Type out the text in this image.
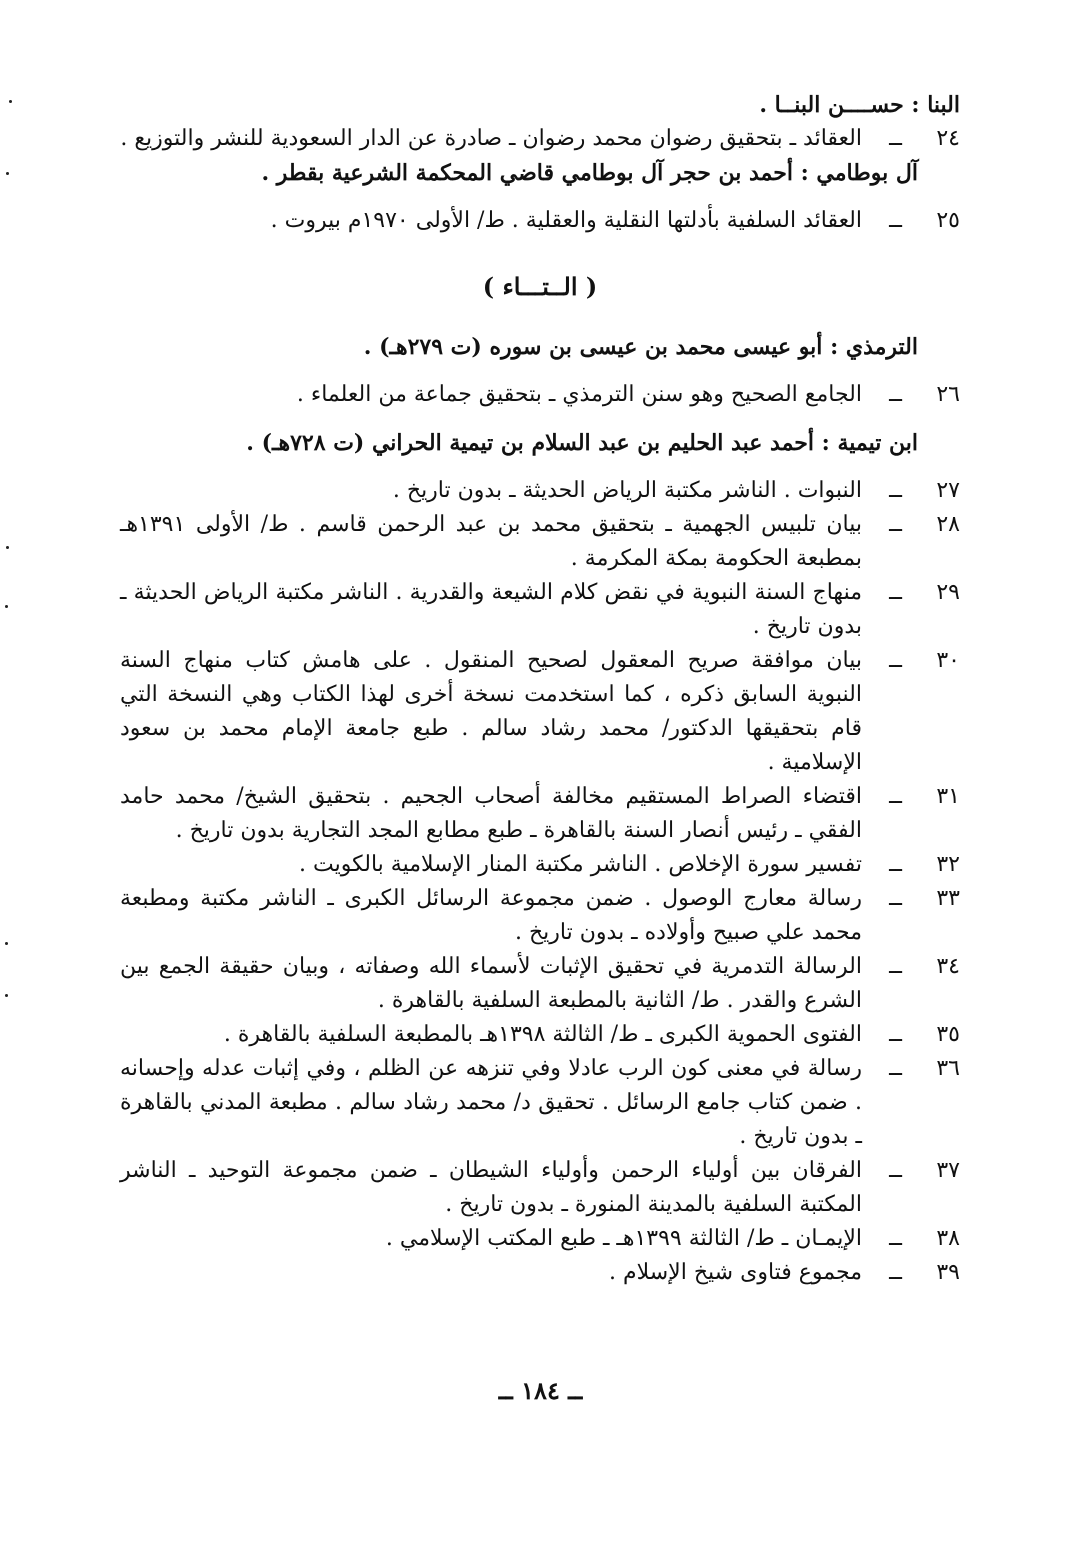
البنا : حســــن البنــا .

٢٤
ــ
العقائد ـ بتحقيق رضوان محمد رضوان ـ صادرة عن الدار السعودية للنشر والتوزيع .

آل بوطامي : أحمد بن حجر آل بوطامي قاضي المحكمة الشرعية بقطر .

٢٥
ــ
العقائد السلفية بأدلتها النقلية والعقلية . ط/ الأولى ١٩٧٠م بيروت .
( الــتـــاء )

الترمذي : أبو عيسى محمد بن عيسى بن سوره (ت ٢٧٩هـ) .

٢٦
ــ
الجامع الصحيح وهو سنن الترمذي ـ بتحقيق جماعة من العلماء .

ابن تيمية : أحمد عبد الحليم بن عبد السلام بن تيمية الحراني (ت ٧٢٨هـ) .

٢٧
ــ
النبوات . الناشر مكتبة الرياض الحديثة ـ بدون تاريخ .
٢٨
ــ
بيان تلبيس الجهمية ـ بتحقيق محمد بن عبد الرحمن قاسم . ط/ الأولى ١٣٩١هـ بمطبعة الحكومة بمكة المكرمة .
٢٩
ــ
منهاج السنة النبوية في نقض كلام الشيعة والقدرية . الناشر مكتبة الرياض الحديثة ـ بدون تاريخ .
٣٠
ــ
بيان موافقة صريح المعقول لصحيح المنقول . على هامش كتاب منهاج السنة النبوية السابق ذكره ، كما استخدمت نسخة أخرى لهذا الكتاب وهي النسخة التي قام بتحقيقها الدكتور/ محمد رشاد سالم . طبع جامعة الإمام محمد بن سعود الإسلامية .
٣١
ــ
اقتضاء الصراط المستقيم مخالفة أصحاب الجحيم . بتحقيق الشيخ/ محمد حامد الفقي ـ رئيس أنصار السنة بالقاهرة ـ طبع مطابع المجد التجارية بدون تاريخ .
٣٢
ــ
تفسير سورة الإخلاص . الناشر مكتبة المنار الإسلامية بالكويت .
٣٣
ــ
رسالة معارج الوصول . ضمن مجموعة الرسائل الكبرى ـ الناشر مكتبة ومطبعة محمد علي صبيح وأولاده ـ بدون تاريخ .
٣٤
ــ
الرسالة التدمرية في تحقيق الإثبات لأسماء الله وصفاته ، وبيان حقيقة الجمع بين الشرع والقدر . ط/ الثانية بالمطبعة السلفية بالقاهرة .
٣٥
ــ
الفتوى الحموية الكبرى ـ ط/ الثالثة ١٣٩٨هـ بالمطبعة السلفية بالقاهرة .
٣٦
ــ
رسالة في معنى كون الرب عادلا وفي تنزهه عن الظلم ، وفي إثبات عدله وإحسانه . ضمن كتاب جامع الرسائل . تحقيق د/ محمد رشاد سالم . مطبعة المدني بالقاهرة ـ بدون تاريخ .
٣٧
ــ
الفرقان بين أولياء الرحمن وأولياء الشيطان ـ ضمن مجموعة التوحيد ـ الناشر المكتبة السلفية بالمدينة المنورة ـ بدون تاريخ .
٣٨
ــ
الإيمـان ـ ط/ الثالثة ١٣٩٩هـ ـ طبع المكتب الإسلامي .
٣٩
ــ
مجموع فتاوى شيخ الإسلام .
ــ ١٨٤ ــ
